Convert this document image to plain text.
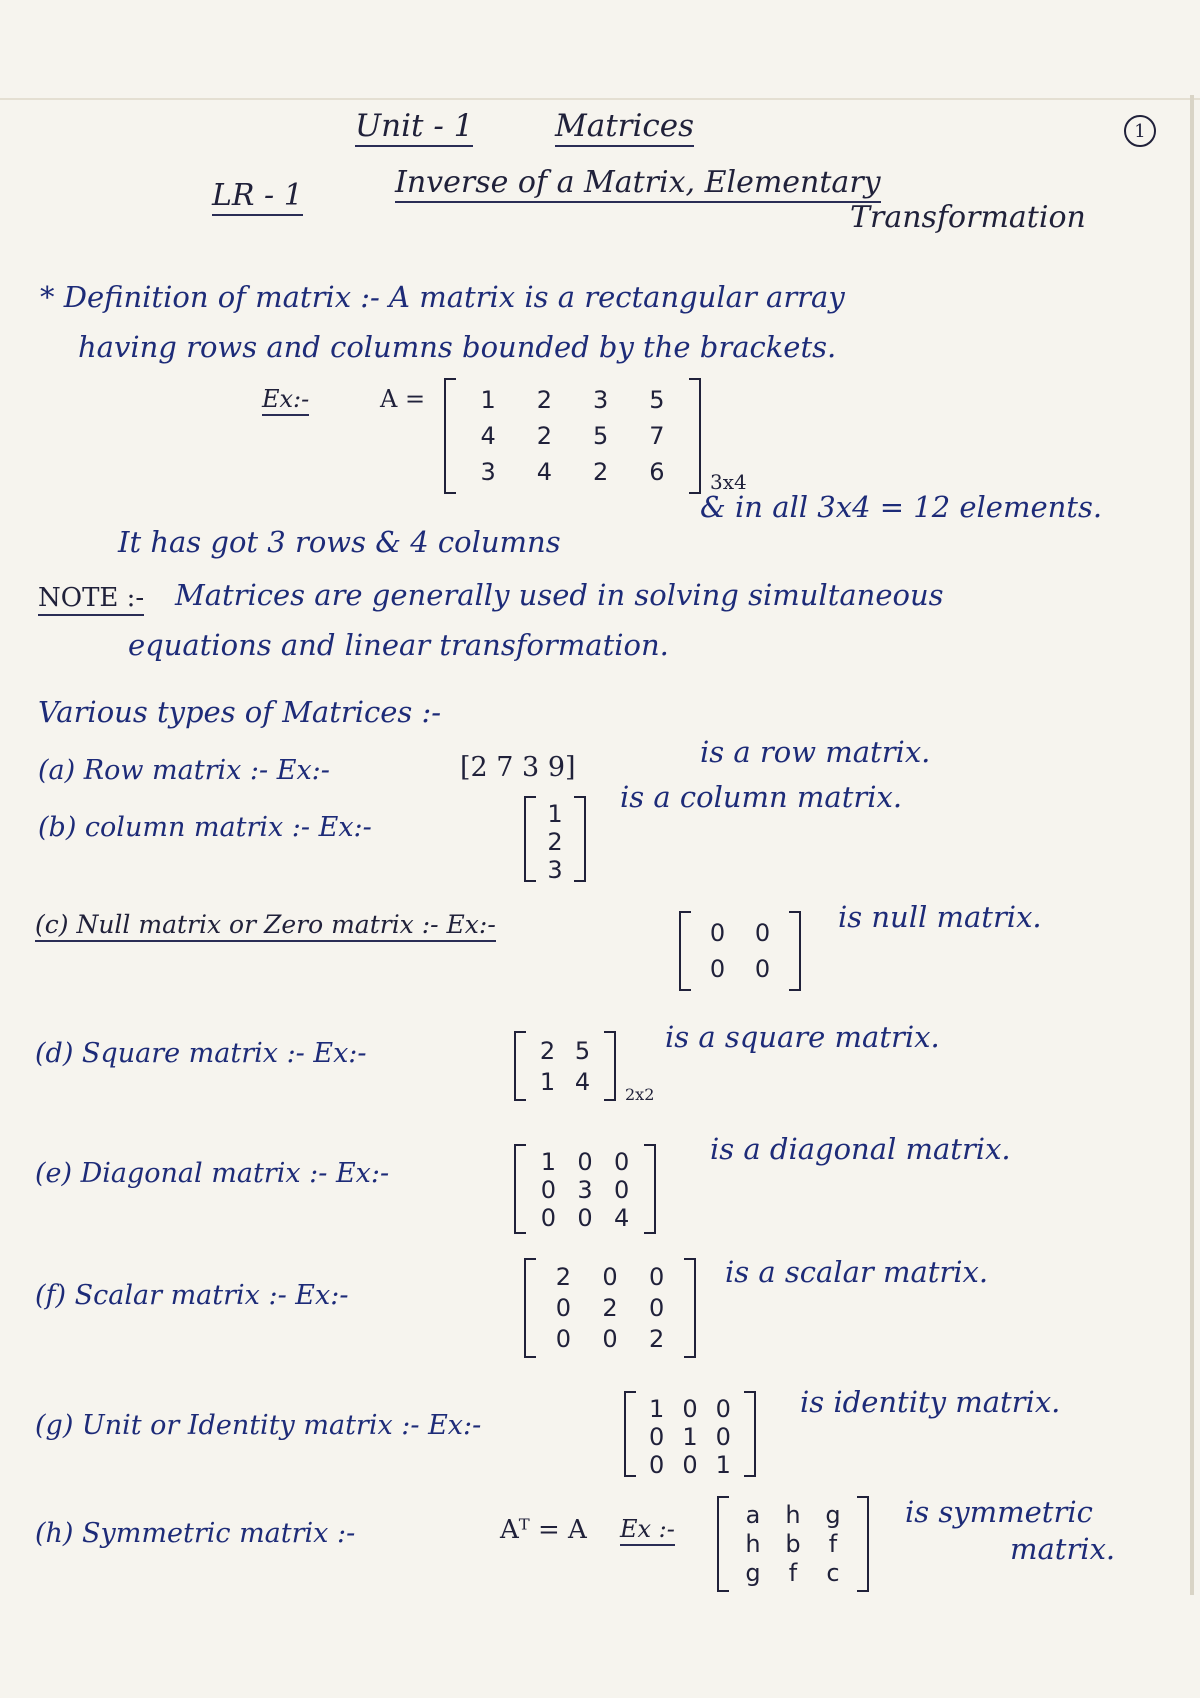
Unit - 1	Matrices	1
LR - 1	Inverse of a Matrix, Elementary
Transformation
* Definition of matrix :- A matrix is a rectangular array
having rows and columns bounded by the brackets.
Ex:-	A =	1	2	3	5
4	2	5	7
3	4	2	6	3x4
It has got 3 rows & 4 columns
& in all 3x4 = 12 elements.
NOTE :- Matrices are generally used in solving simultaneous
equations and linear transformation.
Various types of Matrices :-
(a) Row matrix :- Ex:-	[2 7 3 9]	is a row matrix.
(b) column matrix :- Ex:-	1
2
3
is a column matrix.
(c) Null matrix or Zero matrix :- Ex:-	0	0
0	0
is null matrix.
(d) Square matrix :- Ex:-	2 5
1 4	2x2
is a square matrix.
(e) Diagonal matrix :- Ex:-	1 0 0
0 3 0
0 0 4
is a diagonal matrix.
(f) Scalar matrix :- Ex:-
2	0	0
0	2	0
0	0	2
is a scalar matrix.
(g) Unit or Identity matrix :- Ex:-
1 0 0
0 1 0
0 0 1
is identity matrix.
(h) Symmetric matrix :-	Aᵀ = A Ex :-
a	h	g
h	b	f
g	f	c
is symmetric
matrix.
